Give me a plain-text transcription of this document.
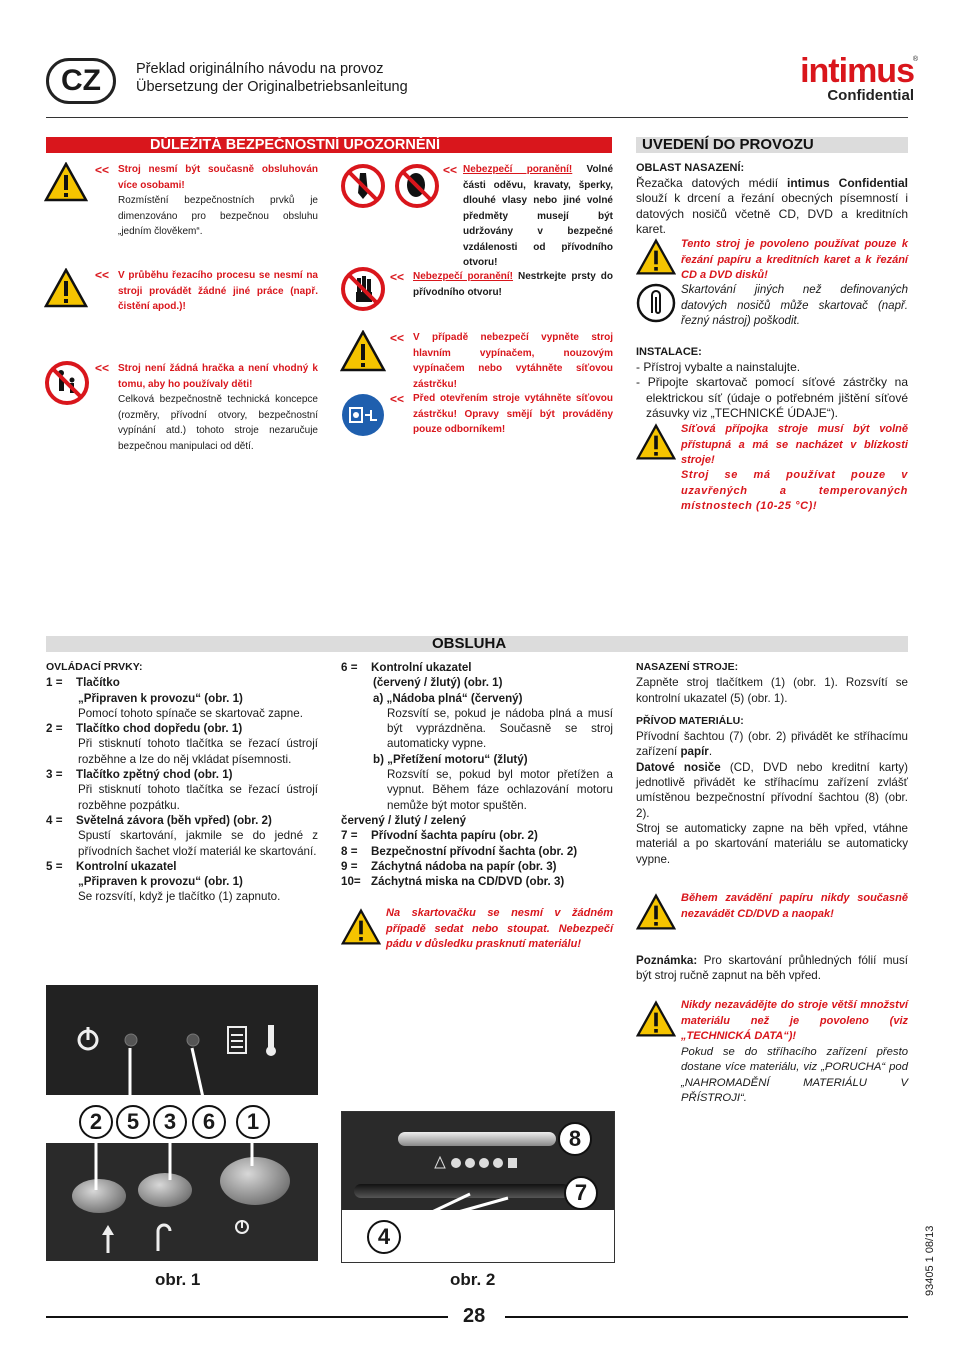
CZ	Překlad originálního návodu na provoz
Übersetzung der Originalbetriebsanleitung	intimus
Confidential
®
DŮLEŽITÁ BEZPEČNOSTNÍ UPOZORNĚNÍ
<< Stroj nesmí být současně obsluhován více osobami!
Rozmístění bezpečnostních prvků je dimenzováno pro bezpečnou obsluhu „jedním člověkem“.
<< V průběhu řezacího procesu se nesmí na stroji provádět žádné jiné práce (např. čistění apod.)!
<< Stroj není žádná hračka a není vhodný k tomu, aby ho používaly děti!
Celková bezpečnostně technická koncepce (rozměry, přívodní otvory, bezpečnostní vypínání atd.) tohoto stroje nezaručuje bezpečnou manipulaci od dětí.
<< Nebezpečí poranění! Volné části oděvu, kravaty, šperky, dlouhé vlasy nebo jiné volné předměty musejí být udržovány v bezpečné vzdálenosti od přívodního otvoru!
<< Nebezpečí poranění! Nestrkejte prsty do přívodního otvoru!
<< V případě nebezpečí vypněte stroj hlavním vypínačem, nouzovým vypínačem nebo vytáhněte síťovou zástrčku!
<< Před otevřením stroje vytáhněte síťovou zástrčku! Opravy smějí být prováděny pouze odborníkem!
UVEDENÍ DO PROVOZU
OBLAST NASAZENÍ:
Řezačka datových médií intimus Confidential slouží k drcení a řezání obecných písemností i datových nosičů včetně CD, DVD a kreditních karet.
Tento stroj je povoleno používat pouze k řezání papíru a kreditních karet a k řezání CD a DVD disků!
Skartování jiných než definovaných datových nosičů může skartovač (např. řezný nástroj) poškodit.
INSTALACE:
- Přístroj vybalte a nainstalujte.
- Připojte skartovač pomocí síťové zástrčky na elektrickou síť (údaje o potřebném jištění síťové zásuvky viz „TECHNICKÉ ÚDAJE“).
Síťová přípojka stroje musí být volně přístupná a má se nacházet v blízkosti stroje!
Stroj se má používat pouze v uzavřených a temperovaných místnostech (10-25 °C)!
OBSLUHA

OVLÁDACÍ PRVKY:

1 = Tlačítko

„Připraven k provozu“ (obr. 1)

Pomocí tohoto spínače se skartovač zapne.

2 = Tlačítko chod dopředu (obr. 1)

Při stisknutí tohoto tlačítka se řezací ústrojí rozběhne a lze do něj vkládat písemnosti.

3 = Tlačítko zpětný chod (obr. 1)

Při stisknutí tohoto tlačítka se řezací ústrojí rozběhne pozpátku.

4 = Světelná závora (běh vpřed) (obr. 2)

Spustí skartování, jakmile se do jedné z přívodních šachet vloží materiál ke skartování.

5 = Kontrolní ukazatel

„Připraven k provozu“ (obr. 1)

Se rozsvítí, když je tlačítko (1) zapnuto.

6 = Kontrolní ukazatel

(červený / žlutý) (obr. 1)

a) „Nádoba plná“ (červený)

Rozsvítí se, pokud je nádoba plná a musí být vyprázdněna. Současně se stroj automaticky vypne.

b) „Přetížení motoru“ (žlutý)

Rozsvítí se, pokud byl motor přetížen a vypnut. Během fáze ochlazování motoru nemůže být motor spuštěn.

červený / žlutý / zelený

7 = Přívodní šachta papíru (obr. 2)

8 = Bezpečnostní přívodní šachta (obr. 2)

9 = Záchytná nádoba na papír (obr. 3)

10= Záchytná miska na CD/DVD (obr. 3)

Na skartovačku se nesmí v žádném případě sedat nebo stoupat. Nebezpečí pádu v důsledku prasknutí materiálu!

NASAZENÍ STROJE:

Zapněte stroj tlačítkem (1) (obr. 1). Rozsvítí se kontrolní ukazatel (5) (obr. 1).

PŘÍVOD MATERIÁLU:

Přívodní šachtou (7) (obr. 2) přivádět ke stříhacímu zařízení papír.

Datové nosiče (CD, DVD nebo kreditní karty) jednotlivě přivádět ke stříhacímu zařízení zvlášť umístěnou bezpečnostní přívodní šachtou (8) (obr. 2).

Stroj se automaticky zapne na běh vpřed, vtáhne materiál a po skartování materiálu se automaticky vypne.

Během zavádění papíru nikdy současně nezavádět CD/DVD a naopak!
Poznámka: Pro skartování průhledných fólií musí být stroj ručně zapnut na běh vpřed.
Nikdy nezavádějte do stroje větší množství materiálu než je povoleno (viz „TECHNICKÁ DATA“)!
Pokud se do stříhacího zařízení přesto dostane více materiálu, viz „PORUCHA“ pod „NAHROMADĚNÍ MATERIÁLU V PŘÍSTROJI“.
2	5	3	6	1
8
7
4
obr. 1	obr. 2	93405 1 08/13
28
